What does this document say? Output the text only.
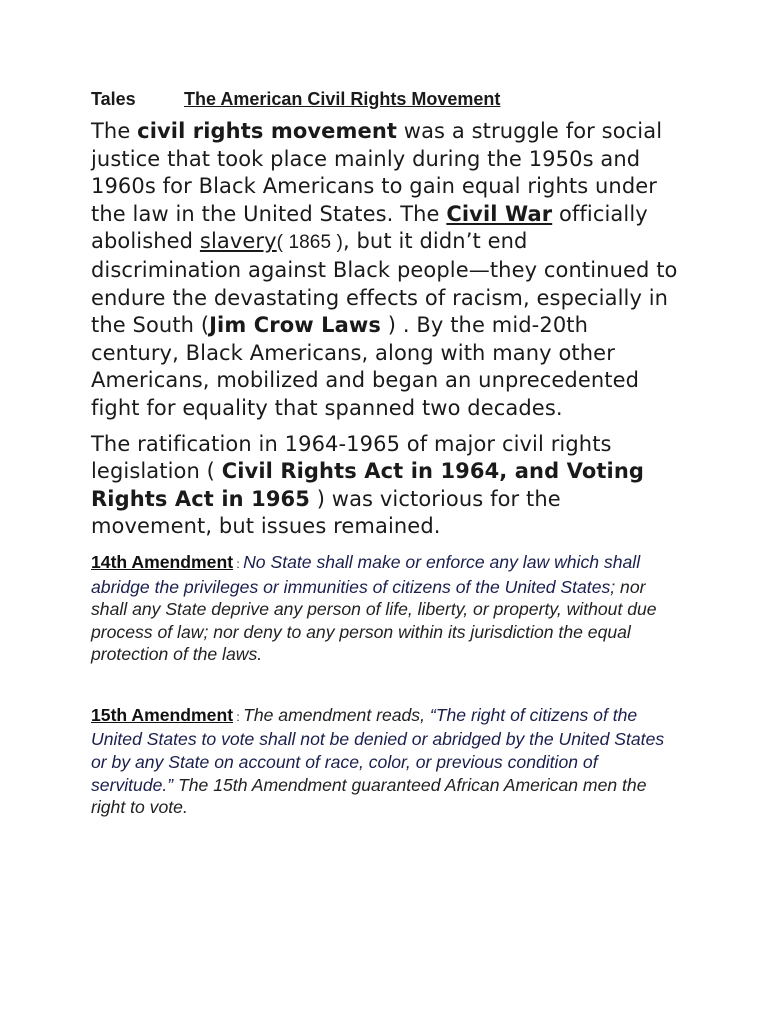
Tales	The American Civil Rights Movement

The civil rights movement was a struggle for social justice that took place mainly during the 1950s and 1960s for Black Americans to gain equal rights under the law in the United States. The Civil War officially abolished slavery( 1865 ), but it didn’t end discrimination against Black people—they continued to endure the devastating effects of racism, especially in the South (Jim Crow Laws ) . By the mid-20th century, Black Americans, along with many other Americans, mobilized and began an unprecedented fight for equality that spanned two decades.

The ratification in 1964-1965 of major civil rights legislation ( Civil Rights Act in 1964, and Voting Rights Act in 1965 ) was victorious for the movement, but issues remained.

14th Amendment : No State shall make or enforce any law which shall abridge the privileges or immunities of citizens of the United States; nor shall any State deprive any person of life, liberty, or property, without due process of law; nor deny to any person within its jurisdiction the equal protection of the laws.

15th Amendment : The amendment reads, “The right of citizens of the United States to vote shall not be denied or abridged by the United States or by any State on account of race, color, or previous condition of servitude.” The 15th Amendment guaranteed African American men the right to vote.
